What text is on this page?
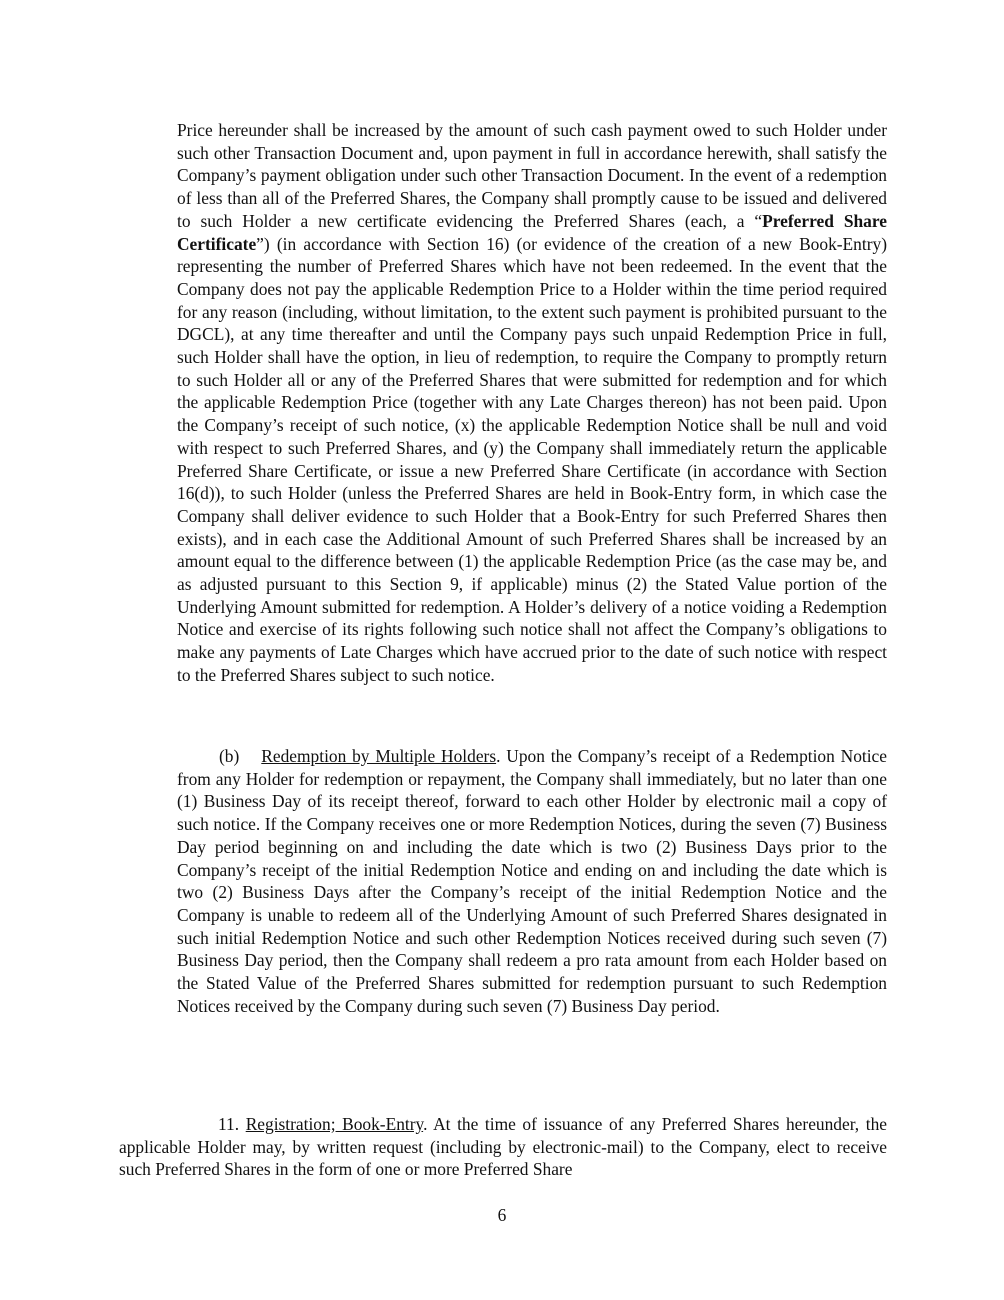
Price hereunder shall be increased by the amount of such cash payment owed to such Holder under such other Transaction Document and, upon payment in full in accordance herewith, shall satisfy the Company’s payment obligation under such other Transaction Document. In the event of a redemption of less than all of the Preferred Shares, the Company shall promptly cause to be issued and delivered to such Holder a new certificate evidencing the Preferred Shares (each, a “Preferred Share Certificate”) (in accordance with Section 16) (or evidence of the creation of a new Book-Entry) representing the number of Preferred Shares which have not been redeemed. In the event that the Company does not pay the applicable Redemption Price to a Holder within the time period required for any reason (including, without limitation, to the extent such payment is prohibited pursuant to the DGCL), at any time thereafter and until the Company pays such unpaid Redemption Price in full, such Holder shall have the option, in lieu of redemption, to require the Company to promptly return to such Holder all or any of the Preferred Shares that were submitted for redemption and for which the applicable Redemption Price (together with any Late Charges thereon) has not been paid. Upon the Company’s receipt of such notice, (x) the applicable Redemption Notice shall be null and void with respect to such Preferred Shares, and (y) the Company shall immediately return the applicable Preferred Share Certificate, or issue a new Preferred Share Certificate (in accordance with Section 16(d)), to such Holder (unless the Preferred Shares are held in Book-Entry form, in which case the Company shall deliver evidence to such Holder that a Book-Entry for such Preferred Shares then exists), and in each case the Additional Amount of such Preferred Shares shall be increased by an amount equal to the difference between (1) the applicable Redemption Price (as the case may be, and as adjusted pursuant to this Section 9, if applicable) minus (2) the Stated Value portion of the Underlying Amount submitted for redemption. A Holder’s delivery of a notice voiding a Redemption Notice and exercise of its rights following such notice shall not affect the Company’s obligations to make any payments of Late Charges which have accrued prior to the date of such notice with respect to the Preferred Shares subject to such notice.

(b) Redemption by Multiple Holders. Upon the Company’s receipt of a Redemption Notice from any Holder for redemption or repayment, the Company shall immediately, but no later than one (1) Business Day of its receipt thereof, forward to each other Holder by electronic mail a copy of such notice. If the Company receives one or more Redemption Notices, during the seven (7) Business Day period beginning on and including the date which is two (2) Business Days prior to the Company’s receipt of the initial Redemption Notice and ending on and including the date which is two (2) Business Days after the Company’s receipt of the initial Redemption Notice and the Company is unable to redeem all of the Underlying Amount of such Preferred Shares designated in such initial Redemption Notice and such other Redemption Notices received during such seven (7) Business Day period, then the Company shall redeem a pro rata amount from each Holder based on the Stated Value of the Preferred Shares submitted for redemption pursuant to such Redemption Notices received by the Company during such seven (7) Business Day period.

11. Registration; Book-Entry. At the time of issuance of any Preferred Shares hereunder, the applicable Holder may, by written request (including by electronic-mail) to the Company, elect to receive such Preferred Shares in the form of one or more Preferred Share

6
